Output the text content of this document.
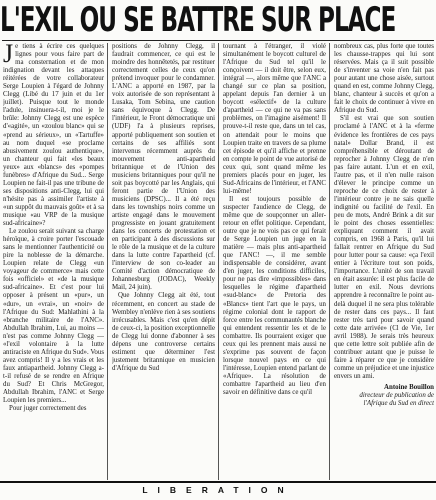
L'EXIL OU SE BATTRE SUR PLACE

Je tiens à écrire ces quelques lignes pour vous faire part de ma consternation et de mon indignation devant les attaques réitérées de votre collaborateur Serge Loupien à l'égard de Johnny Clegg (Libé du 17 juin et du 1er juillet). Puisque tout le monde l'adule, insinuera-t-il, moi je le brûle: Johnny Clegg est une espèce d'«agité», un «zoulou blanc» qui se «prend au sérieux», un «Tartuffe» au nom duquel «se proclame abusivement zoulou authentique», un chanteur qui fait «les beaux yeux» aux «blancs» des «pompes funèbres» d'Afrique du Sud... Serge Loupien ne fait-il pas une tribune de ses dispositions anti-Clegg, lui qui n'hésite pas à assimiler l'artiste à «un suppôt du mauvais goût» et à sa musique «au VRP de la musique sud-africaine»?

Le zoulou serait suivant sa charge héroïque, à croire porter l'escouade sans le mentionner l'authenticité ou pire la noblesse de la démarche. Loupien relate de Clegg «un voyageur de commerce» mais cette fois «officiel» et «de la musique sud-africaine». Et c'est pour lui opposer à présent un «pur», un «dur», un «vrai», un «noir» de l'Afrique du Sud: Mahlathini à la «branche militaire de l'ANC». Abdullah Ibrahim, Lui, au moins — n'est pas comme Johnny Clegg — «l'exil volontaire à la lutte antiraciste en Afrique du Sud». Vous avez compris! Il y a les vrais et les faux antiapartheid. Johnny Clegg a-t-il refusé de se rendre en Afrique du Sud? Et Chris McGregor, Abdullah Ibrahim, l'ANC et Serge Loupien les premiers...

Pour juger correctement des

positions de Johnny Clegg, il faudrait commencer, ce qui est le moindre des honnêtetés, par restituer correctement celles de ceux qu'on prétend invoquer pour le condamner. L'ANC a apporté en 1987, par la voix autorisée de son représentant à Lusaka, Tom Sebina, une caution sans équivoque à Clegg. De l'intérieur, le Front démocratique uni (UDF) l'a à plusieurs reprises, apporté publiquement son soutien et certains de ses affiliés sont intervenus récemment auprès du mouvement anti-apartheid britannique et de l'Union des musiciens britanniques pour qu'il ne soit pas boycotté par les Anglais, qui feront partie de l'Union des musiciens (DPSC)... Il a été reçu dans les townships noirs comme un artiste engagé dans le mouvement progressiste en jouant gratuitement dans les concerts de protestation et en participant à des discussions sur le rôle de la musique et de la culture dans la lutte contre l'apartheid (cf. l'interview de son co-leader au Comité d'action démocratique de Johannesburg (JODAC), Weekly Mail, 24 juin).

Que Johnny Clegg ait été, tout récemment, en concert au stade de Wembley n'enlève rien à ses soutiens irrécusables. Mais c'est qu'en dépit de ceux-ci, la position exceptionnelle de Clegg lui donne d'abonner à ses dépens une controverse certains estiment que déterminer l'est justement britannique en musicien d'Afrique du Sud

tournant à l'étranger, il violé simultanément le boycott culturel de l'Afrique du Sud tel qu'il le conçoivent — il doit être, selon eux, intégral —, alors même que l'ANC a changé sur ce plan sa position, appelant depuis l'an dernier à un boycott «sélectif» de la culture d'apartheid — ce qui ne va pas sans problèmes, on l'imagine aisément! Il prouve-t-il reste que, dans un tel cas, on attendait pour le moins que Loupien traite en travers de sa plume cet épisode et qu'il affiche et prenne en compte le point de vue autorisé de ceux qui, sont quand même les premiers placés pour en juger, les Sud-Africains de l'intérieur, et l'ANC lui-même!

Il est toujours possible de suspecter l'audience de Clegg, de même que de soupçonner un aller-retour en effet politique. Cependant, outre que je ne vois pas ce qui ferait de Serge Loupien un juge en la matière — mais plus anti-apartheid que l'ANC! —, il me semble indispensable de considérer, avant d'en juger, les conditions difficiles, pour ne pas dire «impossibles» dans lesquelles le régime d'apartheid «sud-blanc» de Pretoria des «Blancs» tient l'art que le pays, un régime colonial dont le rapport de force entre les communautés blanche qui entendent ressentir les et de le combattre. Ils pourraient exiger que ceux qui les prennent mais aussi ne s'exprime pas souvent de façon lorsque nouvel pays en ce qui l'intéresse, Loupien entend parlant de «Afrique». La résolution de combattre l'apartheid au lieu d'en savoir en définitive dans ce qu'il

nombreux cas, plus forte que toutes les chausse-trappes qui lui sont réservées. Mais ça il suit possible de s'inventer sa voie n'en fait pas pour autant une chose aisée, surtout quand en est, comme Johnny Clegg, blanc, chanteur à succès et qu'on a fait le choix de continuer à vivre en Afrique du Sud.

S'il est vrai que son soutien proclamé à l'ANC et à la «ferme évidence les frontières de ces pays natal» Dollar Brand, il est compréhensible et déroutant de reprocher à Johnny Clegg de n'en pas faire autant. L'un et en exil, l'autre pas, et il n'en nulle raison d'élever le principe comme un reproche de ce choix de rester à l'intérieur contre je ne sais quelle indignité ou facilité de l'exil. En peu de mots, André Brink a dit sur le point des choses essentielles: expliquant comment il avait compris, en 1968 à Paris, qu'il lui fallait rentrer en Afrique du Sud pour lutter pour sa cause: «ça l'exil entier à l'écriture tout son poids, l'importance. L'unité de son travail en était assurée: il est plus facile de lutter en exil. Nous devrions apprendre à reconnaître le point au-delà duquel il ne sera plus tolérable de rester dans ces pays... Il faut rester très tard pour savoir quand cette date arrivée» (Cl de Vie, 1er avril 1988). Je serais très heureux que cette lettre soit publiée afin de contribuer autant que je puisse le faire à réparer ce que je considère comme un préjudice et une injustice envers un ami.

Antoine Bouillon
directeur de publication de l'Afrique du Sud en direct
LIBERATION
